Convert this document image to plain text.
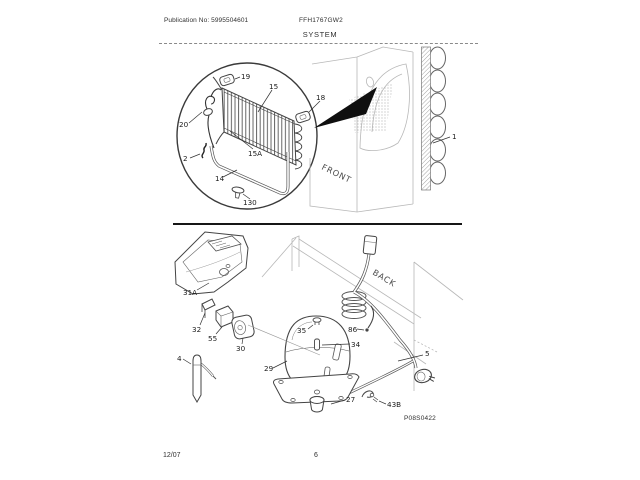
Publication No: 5995504601	FFH1767GW2
SYSTEM
P08S0422
12/07	6
FRONT
1
19
15
18
20
2
15A
14
130
BACK
31A
32
55
30
35	86
34
29
4
27
43B
5
